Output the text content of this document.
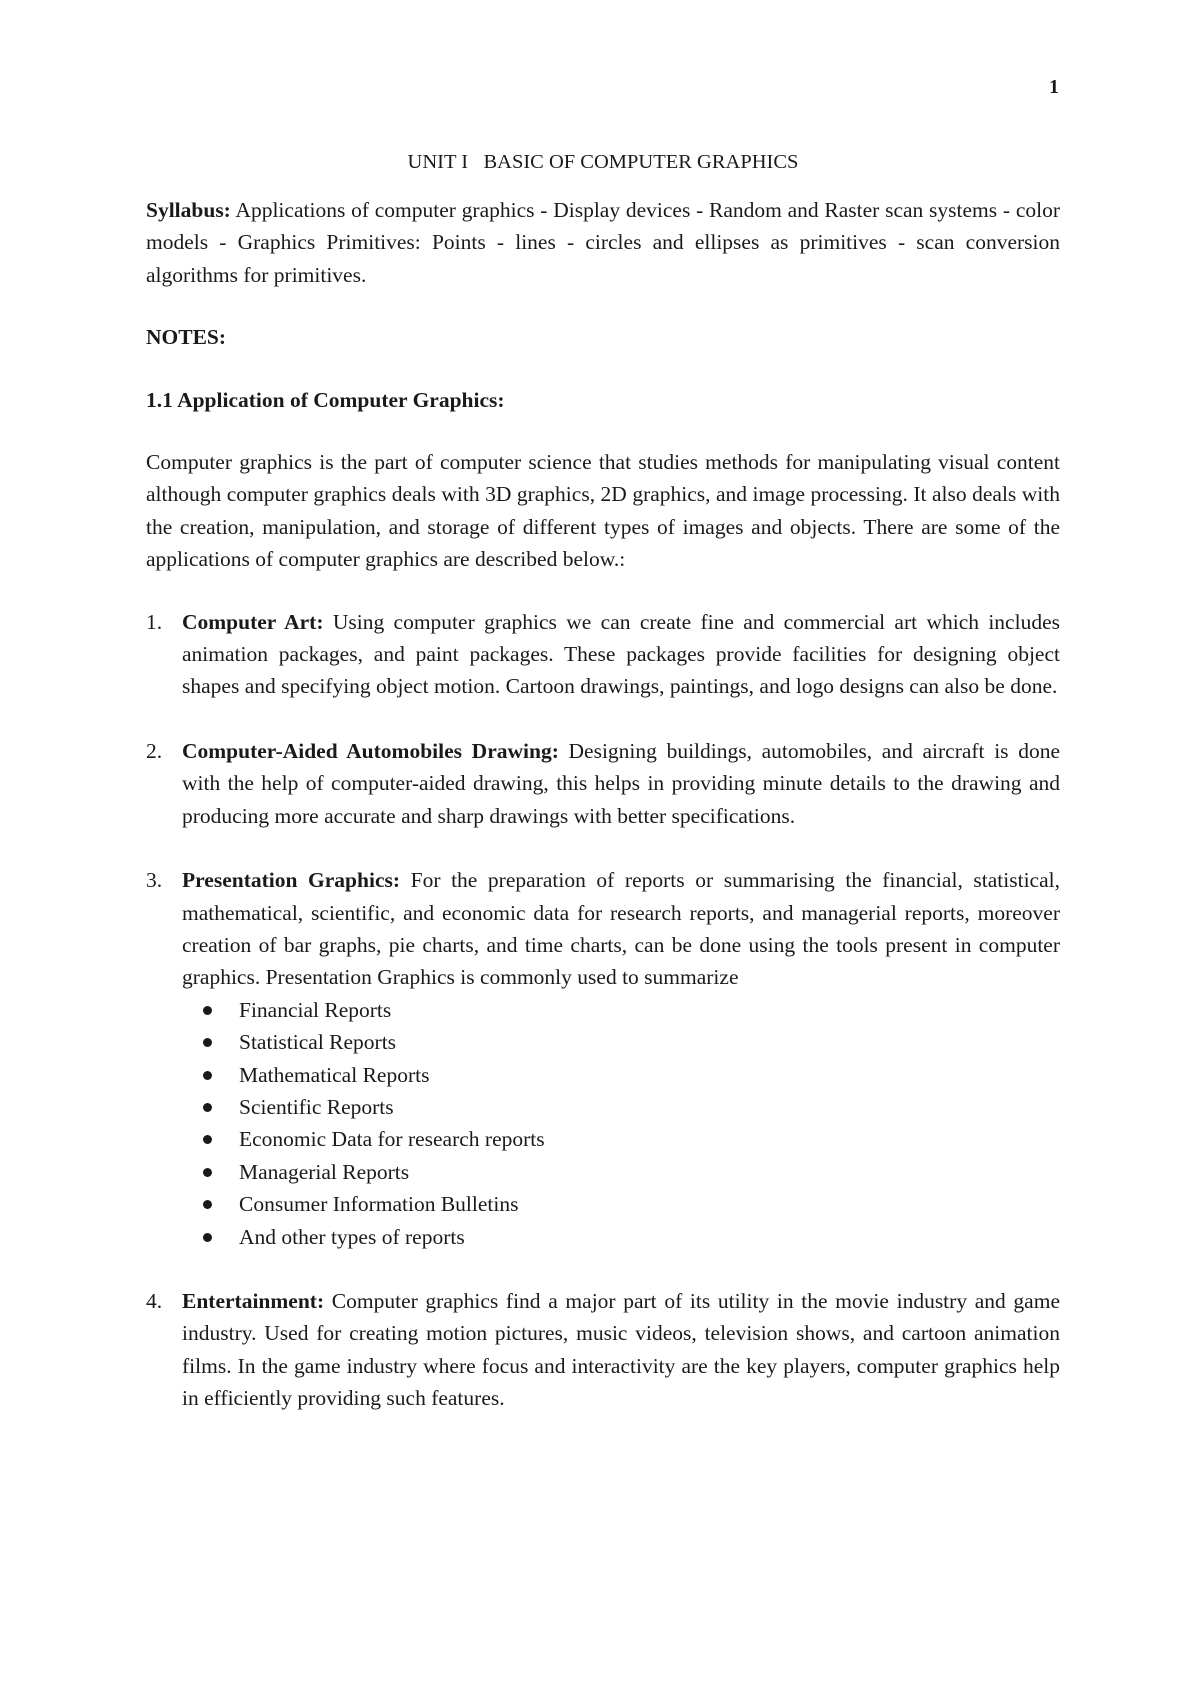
1

UNIT I   BASIC OF COMPUTER GRAPHICS

Syllabus: Applications of computer graphics - Display devices - Random and Raster scan systems - color models - Graphics Primitives: Points - lines - circles and ellipses as primitives - scan conversion algorithms for primitives.

NOTES:

1.1 Application of Computer Graphics:

Computer graphics is the part of computer science that studies methods for manipulating visual content although computer graphics deals with 3D graphics, 2D graphics, and image processing. It also deals with the creation, manipulation, and storage of different types of images and objects. There are some of the applications of computer graphics are described below.:

1. Computer Art: Using computer graphics we can create fine and commercial art which includes animation packages, and paint packages. These packages provide facilities for designing object shapes and specifying object motion. Cartoon drawings, paintings, and logo designs can also be done.
2. Computer-Aided Automobiles Drawing: Designing buildings, automobiles, and aircraft is done with the help of computer-aided drawing, this helps in providing minute details to the drawing and producing more accurate and sharp drawings with better specifications.
3. Presentation Graphics: For the preparation of reports or summarising the financial, statistical, mathematical, scientific, and economic data for research reports, and managerial reports, moreover creation of bar graphs, pie charts, and time charts, can be done using the tools present in computer graphics. Presentation Graphics is commonly used to summarize
Financial Reports
Statistical Reports
Mathematical Reports
Scientific Reports
Economic Data for research reports
Managerial Reports
Consumer Information Bulletins
And other types of reports
4. Entertainment: Computer graphics find a major part of its utility in the movie industry and game industry. Used for creating motion pictures, music videos, television shows, and cartoon animation films. In the game industry where focus and interactivity are the key players, computer graphics help in efficiently providing such features.
